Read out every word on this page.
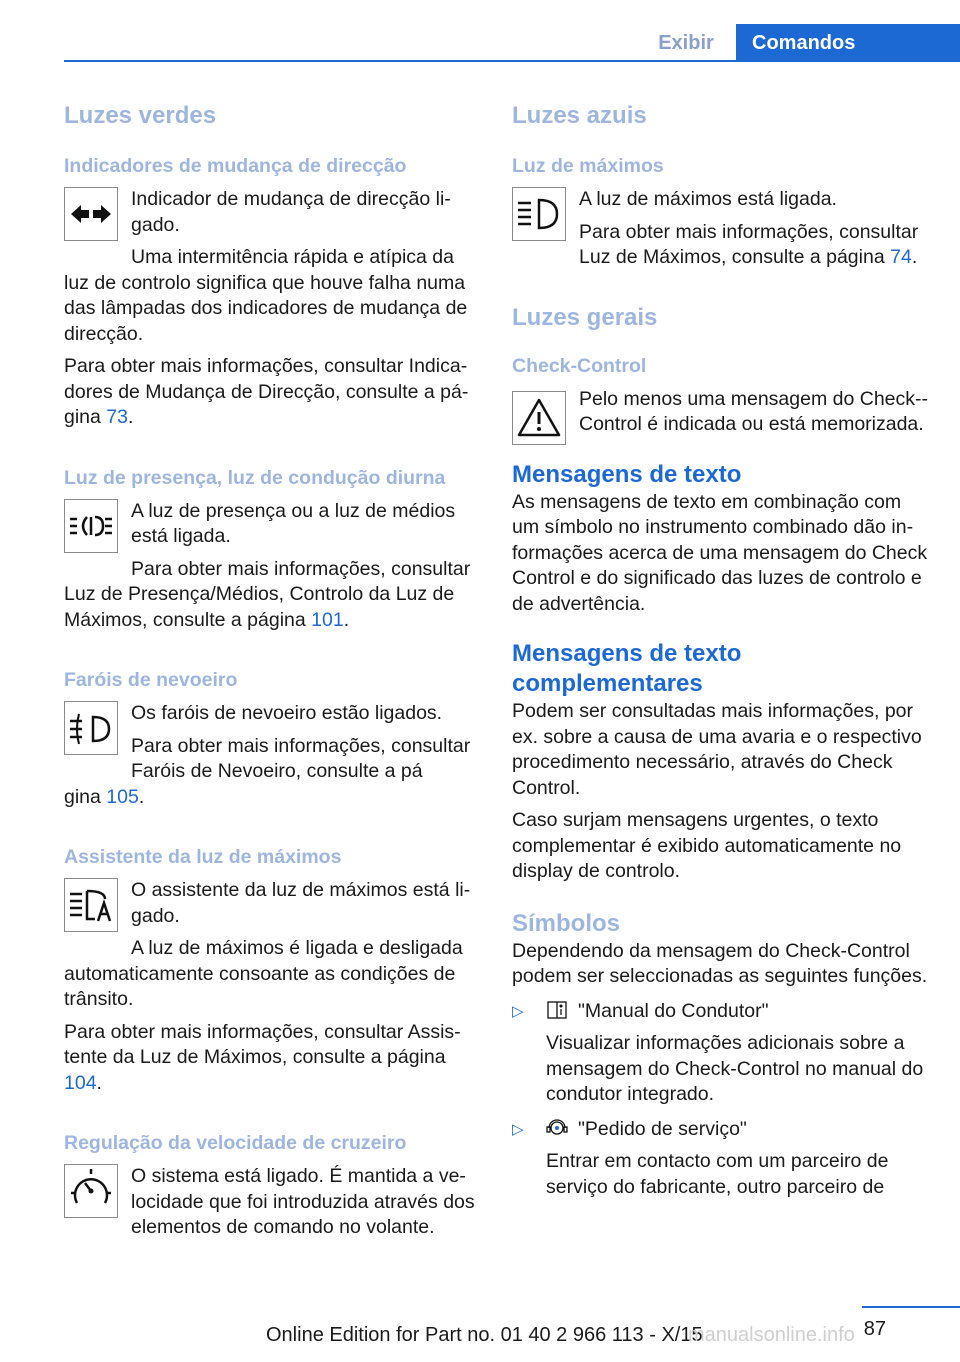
Exibir	Comandos
Luzes verdes
Indicadores de mudança de direcção

Indicador de mudança de direcção ligado.

Uma intermitência rápida e atípica da

luz de controlo significa que houve falha numa das lâmpadas dos indicadores de mudança de direcção.

Para obter mais informações, consultar Indicadores de Mudança de Direcção, consulte a página 73.

Luz de presença, luz de condução diurna

A luz de presença ou a luz de médios está ligada.

Para obter mais informações, consultar

Luz de Presença/Médios, Controlo da Luz de Máximos, consulte a página 101.

Faróis de nevoeiro

Os faróis de nevoeiro estão ligados.

Para obter mais informações, consultar Faróis de Nevoeiro, consulte a pá

gina 105.

Assistente da luz de máximos

O assistente da luz de máximos está ligado.

A luz de máximos é ligada e desligada

automaticamente consoante as condições de trânsito.

Para obter mais informações, consultar Assistente da Luz de Máximos, consulte a página 104.

Regulação da velocidade de cruzeiro

O sistema está ligado. É mantida a velocidade que foi introduzida através dos elementos de comando no volante.

Luzes azuis
Luz de máximos

A luz de máximos está ligada.

Para obter mais informações, consultar Luz de Máximos, consulte a página 74.

Luzes gerais
Check-Control

Pelo menos uma mensagem do Check-Control é indicada ou está memorizada.

Mensagens de texto

As mensagens de texto em combinação com um símbolo no instrumento combinado dão informações acerca de uma mensagem do Check Control e do significado das luzes de controlo e de advertência.

Mensagens de texto complementares

Podem ser consultadas mais informações, por ex. sobre a causa de uma avaria e o respectivo procedimento necessário, através do Check Control.

Caso surjam mensagens urgentes, o texto complementar é exibido automaticamente no display de controlo.

Símbolos

Dependendo da mensagem do Check-Control podem ser seleccionadas as seguintes funções.

▷	"Manual do Condutor"

Visualizar informações adicionais sobre a mensagem do Check-Control no manual do condutor integrado.

▷	"Pedido de serviço"

Entrar em contacto com um parceiro de serviço do fabricante, outro parceiro de

87
Online Edition for Part no. 01 40 2 966 113 - X/15
manualsonline.info
